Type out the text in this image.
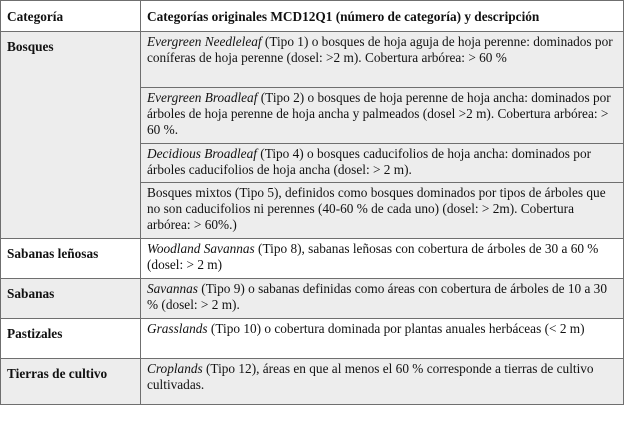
Categoría	Categorías originales MCD12Q1 (número de categoría) y descripción
Bosques	Evergreen Needleleaf (Tipo 1) o bosques de hoja aguja de hoja perenne: dominados por coníferas de hoja perenne (dosel: >2 m). Cobertura arbórea: > 60 %
	Evergreen Broadleaf (Tipo 2) o bosques de hoja perenne de hoja ancha: dominados por árboles de hoja perenne de hoja ancha y palmeados (dosel >2 m). Cobertura arbórea: > 60 %.
	Decidious Broadleaf (Tipo 4) o bosques caducifolios de hoja ancha: dominados por árboles caducifolios de hoja ancha (dosel: > 2 m).
	Bosques mixtos (Tipo 5), definidos como bosques dominados por tipos de árboles que no son caducifolios ni perennes (40-60 % de cada uno) (dosel: > 2m). Cobertura arbórea: > 60%.)
Sabanas leñosas	Woodland Savannas (Tipo 8), sabanas leñosas con cobertura de árboles de 30 a 60 % (dosel: > 2 m)
Sabanas	Savannas (Tipo 9) o sabanas definidas como áreas con cobertura de árboles de 10 a 30 % (dosel: > 2 m).
Pastizales	Grasslands (Tipo 10) o cobertura dominada por plantas anuales herbáceas (< 2 m)
Tierras de cultivo	Croplands (Tipo 12), áreas en que al menos el 60 % corresponde a tierras de cultivo cultivadas.
